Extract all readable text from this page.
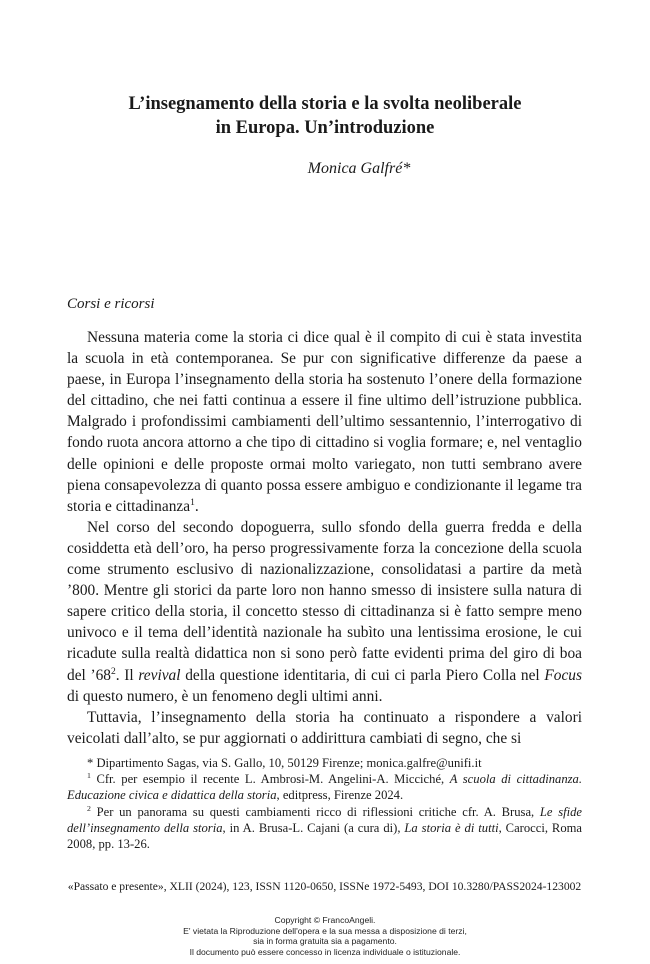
L’insegnamento della storia e la svolta neoliberale
in Europa. Un’introduzione
Monica Galfré*
Corsi e ricorsi

Nessuna materia come la storia ci dice qual è il compito di cui è stata investita la scuola in età contemporanea. Se pur con significative differenze da paese a paese, in Europa l’insegnamento della storia ha sostenuto l’onere della formazione del cittadino, che nei fatti continua a essere il fine ultimo dell’istruzione pubblica. Malgrado i profondissimi cambiamenti dell’ultimo sessantennio, l’interrogativo di fondo ruota ancora attorno a che tipo di cittadino si voglia formare; e, nel ventaglio delle opinioni e delle proposte ormai molto variegato, non tutti sembrano avere piena consapevolezza di quanto possa essere ambiguo e condizionante il legame tra storia e cittadinanza$^1$.

Nel corso del secondo dopoguerra, sullo sfondo della guerra fredda e della cosiddetta età dell’oro, ha perso progressivamente forza la concezione della scuola come strumento esclusivo di nazionalizzazione, consolidatasi a partire da metà ’800. Mentre gli storici da parte loro non hanno smesso di insistere sulla natura di sapere critico della storia, il concetto stesso di cittadinanza si è fatto sempre meno univoco e il tema dell’identità nazionale ha subìto una lentissima erosione, le cui ricadute sulla realtà didattica non si sono però fatte evidenti prima del giro di boa del $’68^2$. Il revival della questione identitaria, di cui ci parla Piero Colla nel Focus di questo numero, è un fenomeno degli ultimi anni.

Tuttavia, l’insegnamento della storia ha continuato a rispondere a valori veicolati dall’alto, se pur aggiornati o addirittura cambiati di segno, che si

* Dipartimento Sagas, via S. Gallo, 10, 50129 Firenze; monica.galfre@unifi.it

$^1$ Cfr. per esempio il recente L. Ambrosi-M. Angelini-A. Micciché, A scuola di cittadinanza. Educazione civica e didattica della storia, editpress, Firenze 2024.

$^2$ Per un panorama su questi cambiamenti ricco di riflessioni critiche cfr. A. Brusa, Le sfide dell’insegnamento della storia, in A. Brusa-L. Cajani (a cura di), La storia è di tutti, Carocci, Roma 2008, pp. 13-26.

«Passato e presente», XLII (2024), 123, ISSN 1120-0650, ISSNe 1972-5493, DOI 10.3280/PASS2024-123002
Copyright © FrancoAngeli.
E' vietata la Riproduzione dell'opera e la sua messa a disposizione di terzi,
sia in forma gratuita sia a pagamento.
Il documento può essere concesso in licenza individuale o istituzionale.
